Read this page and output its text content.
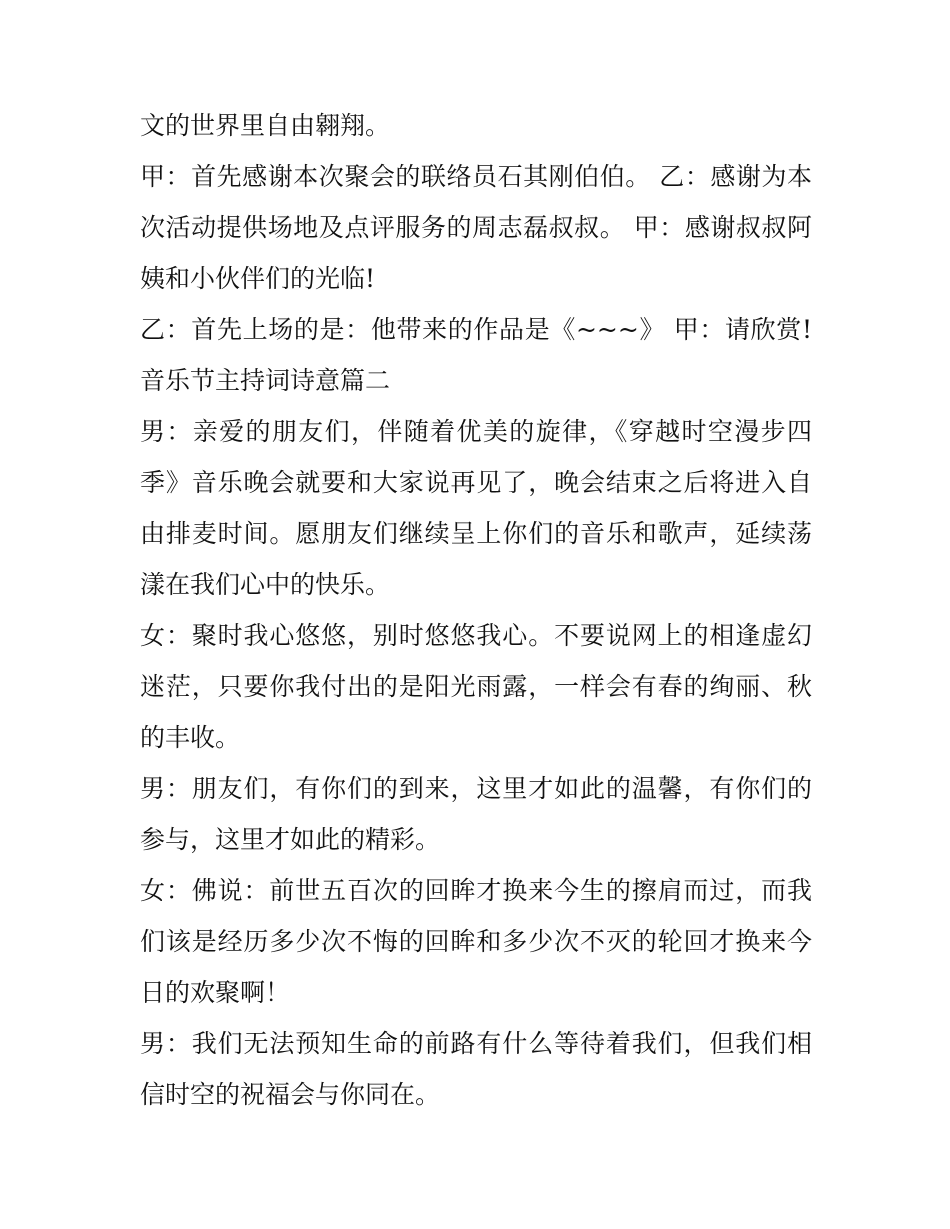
文的世界里自由翱翔。

甲：首先感谢本次聚会的联络员石其刚伯伯。 乙：感谢为本次活动提供场地及点评服务的周志磊叔叔。 甲：感谢叔叔阿姨和小伙伴们的光临!

乙：首先上场的是：他带来的作品是《~~~》 甲：请欣赏! 音乐节主持词诗意篇二

男：亲爱的朋友们，伴随着优美的旋律，《穿越时空漫步四季》音乐晚会就要和大家说再见了，晚会结束之后将进入自由排麦时间。愿朋友们继续呈上你们的音乐和歌声，延续荡漾在我们心中的快乐。

女：聚时我心悠悠，别时悠悠我心。不要说网上的相逢虚幻迷茫，只要你我付出的是阳光雨露，一样会有春的绚丽、秋的丰收。

男：朋友们，有你们的到来，这里才如此的温馨，有你们的参与，这里才如此的精彩。

女：佛说：前世五百次的回眸才换来今生的擦肩而过，而我们该是经历多少次不悔的回眸和多少次不灭的轮回才换来今日的欢聚啊！

男：我们无法预知生命的前路有什么等待着我们，但我们相信时空的祝福会与你同在。
